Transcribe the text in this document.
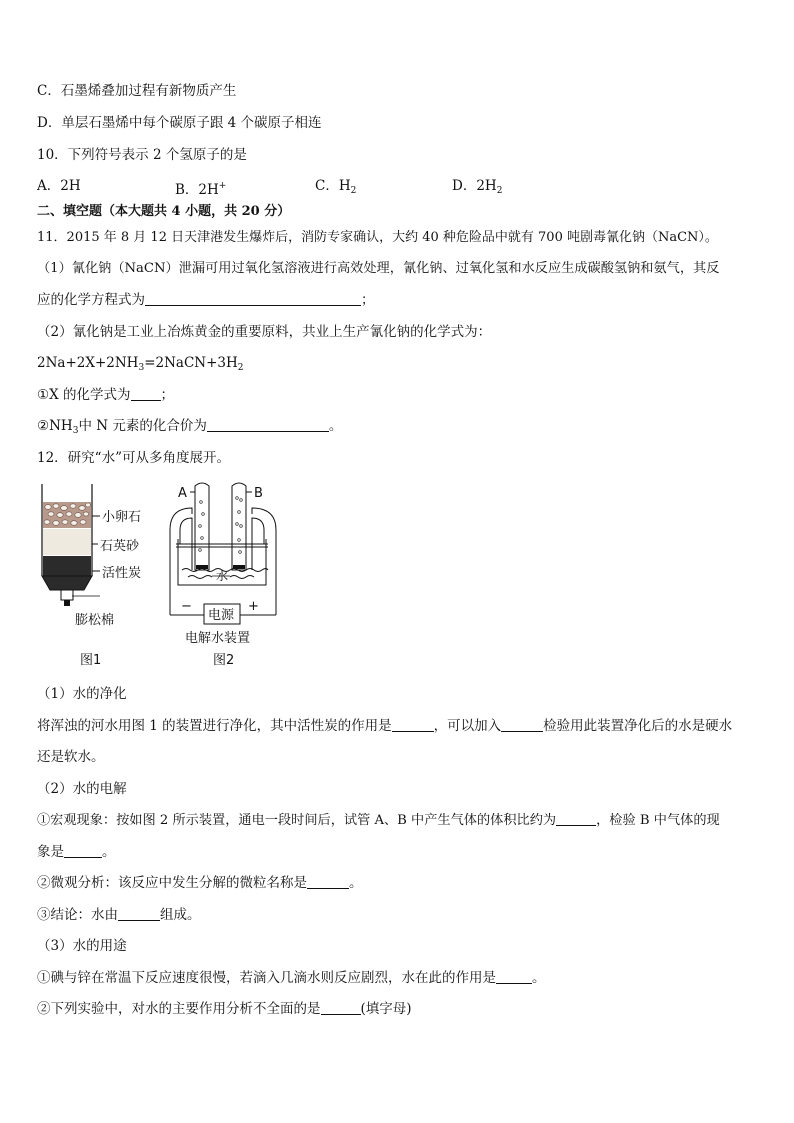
C．石墨烯叠加过程有新物质产生
D．单层石墨烯中每个碳原子跟 4 个碳原子相连
10．下列符号表示 2 个氢原子的是
A．2H	B．2H+	C．$H_2$	D．$2H_2$
二、填空题（本大题共 4 小题，共 20 分）
11．2015 年 8 月 12 日天津港发生爆炸后，消防专家确认，大约 40 种危险品中就有 700 吨剧毒氰化钠（NaCN）。
（1）氰化钠（NaCN）泄漏可用过氧化氢溶液进行高效处理，氰化钠、过氧化氢和水反应生成碳酸氢钠和氨气，其反
应的化学方程式为	；
（2）氰化钠是工业上冶炼黄金的重要原料，共业上生产氰化钠的化学式为：
$2Na+2X+2NH_3=2NaCN+3H_2$
①X 的化学式为 ；
$②NH_3$中 N 元素的化合价为	。
12．研究“水”可从多角度展开。
小卵石
石英砂
活性炭
膨松棉
图1
A	B
水
−	+
电源
电解水装置
图2
（1）水的净化
将浑浊的河水用图 1 的装置进行净化，其中活性炭的作用是	，可以加入	检验用此装置净化后的水是硬水
还是软水。
（2）水的电解
①宏观现象：按如图 2 所示装置，通电一段时间后，试管 A、B 中产生气体的体积比约为	，检验 B 中气体的现
象是	。
②微观分析：该反应中发生分解的微粒名称是	。
③结论：水由	组成。
（3）水的用途
①碘与锌在常温下反应速度很慢，若滴入几滴水则反应剧烈，水在此的作用是	。
②下列实验中，对水的主要作用分析不全面的是	(填字母)
